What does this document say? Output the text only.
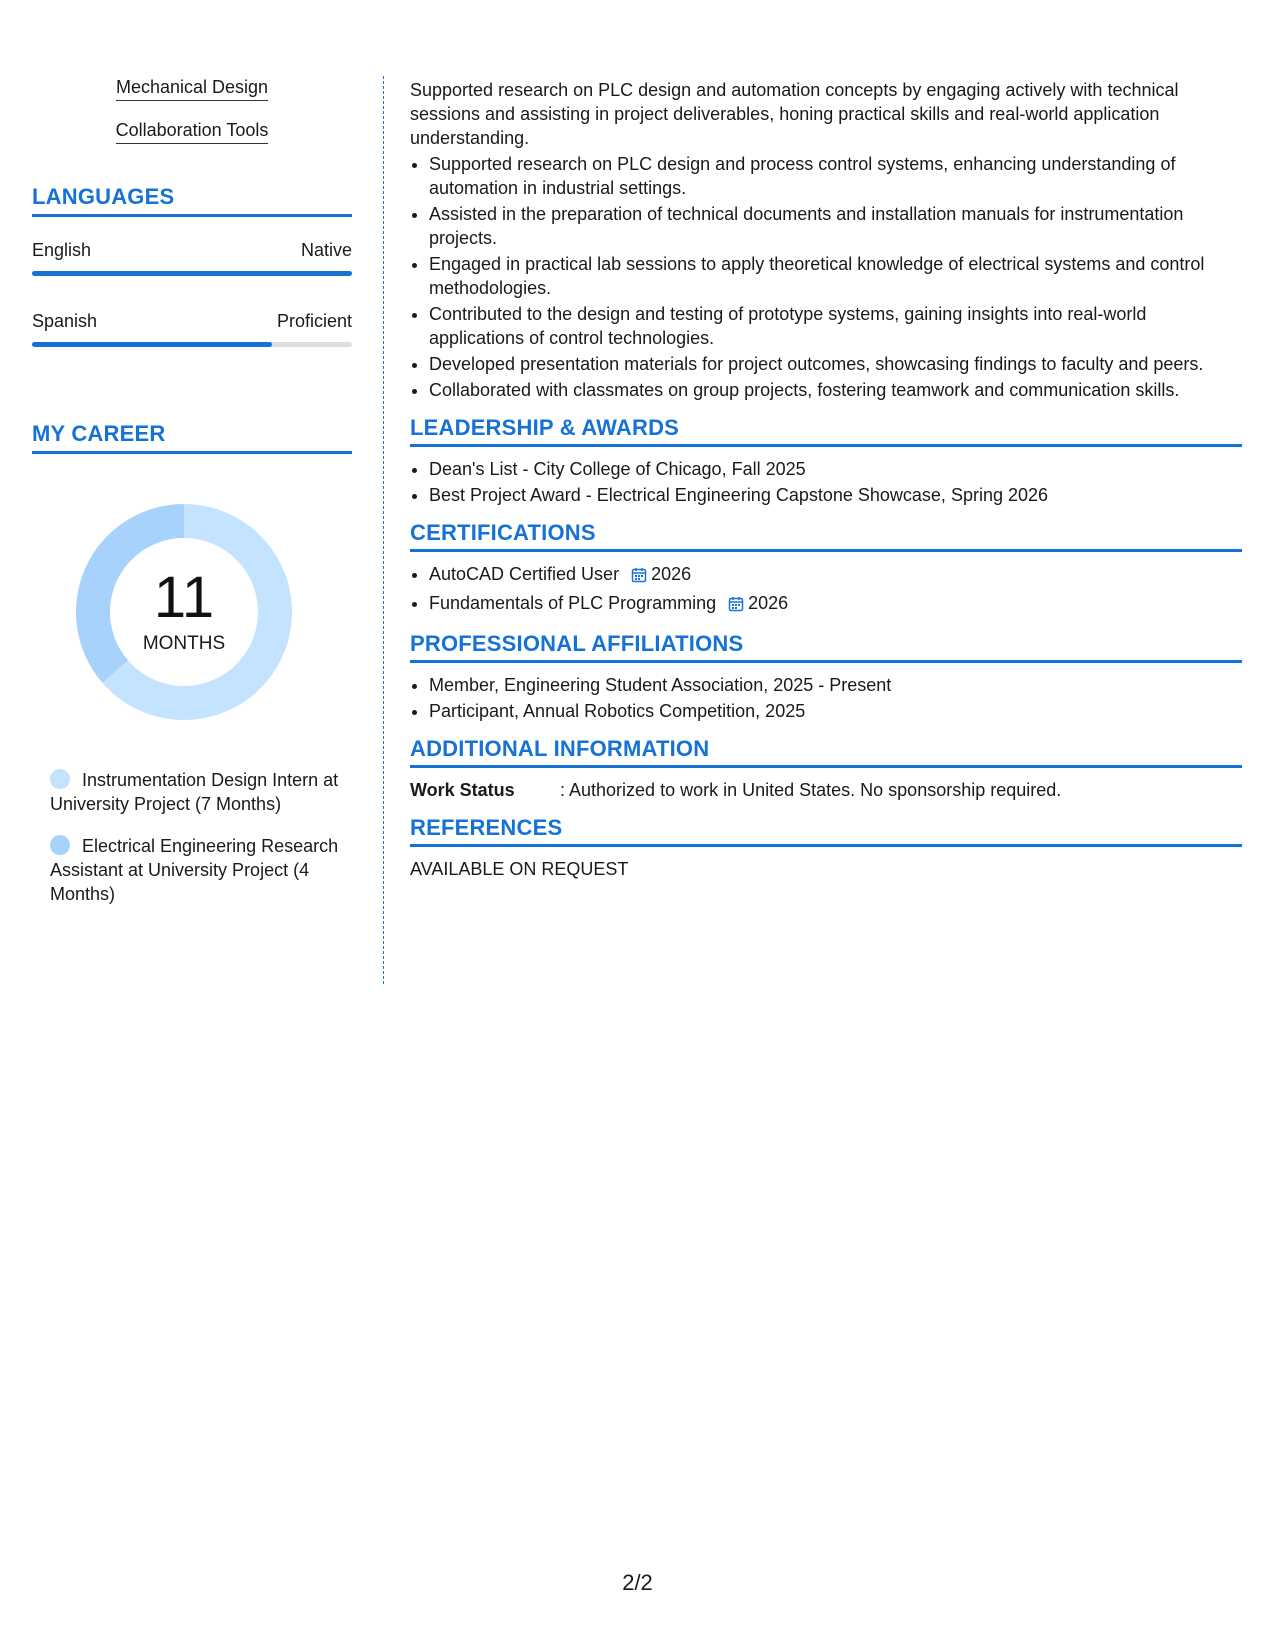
Mechanical Design
Collaboration Tools
LANGUAGES
English	Native
Spanish	Proficient
MY CAREER
11
MONTHS
Instrumentation Design Intern at University Project (7 Months)
Electrical Engineering Research Assistant at University Project (4 Months)

Supported research on PLC design and automation concepts by engaging actively with technical sessions and assisting in project deliverables, honing practical skills and real-world application understanding.

• Supported research on PLC design and process control systems, enhancing understanding of automation in industrial settings.
• Assisted in the preparation of technical documents and installation manuals for instrumentation projects.
• Engaged in practical lab sessions to apply theoretical knowledge of electrical systems and control methodologies.
• Contributed to the design and testing of prototype systems, gaining insights into real-world applications of control technologies.
• Developed presentation materials for project outcomes, showcasing findings to faculty and peers.
• Collaborated with classmates on group projects, fostering teamwork and communication skills.
LEADERSHIP & AWARDS
• Dean's List - City College of Chicago, Fall 2025
• Best Project Award - Electrical Engineering Capstone Showcase, Spring 2026
CERTIFICATIONS
• AutoCAD Certified User 2026
• Fundamentals of PLC Programming 2026
PROFESSIONAL AFFILIATIONS
• Member, Engineering Student Association, 2025 - Present
• Participant, Annual Robotics Competition, 2025
ADDITIONAL INFORMATION
Work Status	: Authorized to work in United States. No sponsorship required.
REFERENCES

AVAILABLE ON REQUEST

2/2
